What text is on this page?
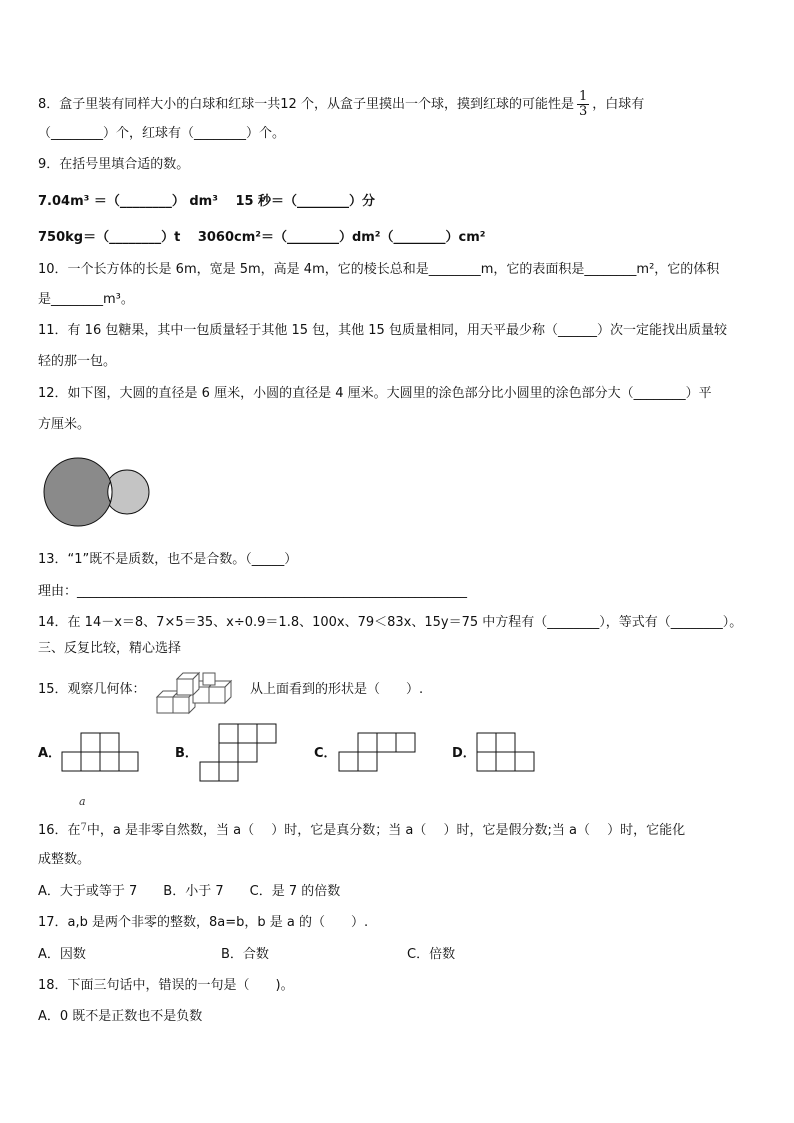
8．盒子里装有同样大小的白球和红球一共12 个，从盒子里摸出一个球，摸到红球的可能性是 $\frac{1}{3}$ ，白球有
（________）个，红球有（________）个。
9．在括号里填合适的数。
7.04m³ ＝（________） dm³　 15 秒＝（________）分
750kg＝（________）t　 3060cm²＝（________）dm²（________）cm²
10．一个长方体的长是 6m，宽是 5m，高是 4m，它的棱长总和是________m，它的表面积是________m²，它的体积
是________m³。
11．有 16 包糖果，其中一包质量轻于其他 15 包，其他 15 包质量相同，用天平最少称（______）次一定能找出质量较
轻的那一包。
12．如下图，大圆的直径是 6 厘米，小圆的直径是 4 厘米。大圆里的涂色部分比小圆里的涂色部分大（________）平
方厘米。
13．“1”既不是质数，也不是合数。（_____）
理由：____________________________________________________________
14．在 14－x＝8、7×5＝35、x÷0.9＝1.8、100x、79＜83x、15y＝75 中方程有（________），等式有（________）。
三、反复比较，精心选择
15．观察几何体：	从上面看到的形状是（　　）.
A．	B．	C．	D．
a
16．在$^7$中，a 是非零自然数，当 a（　 ）时，它是真分数；当 a（　 ）时，它是假分数;当 a（　 ）时，它能化
成整数。
A．大于或等于 7　　B．小于 7　　C．是 7 的倍数
17．a,b 是两个非零的整数，8a=b，b 是 a 的（　　）.
A．因数	B．合数	C．倍数
18．下面三句话中，错误的一句是（　　)。
A．0 既不是正数也不是负数
